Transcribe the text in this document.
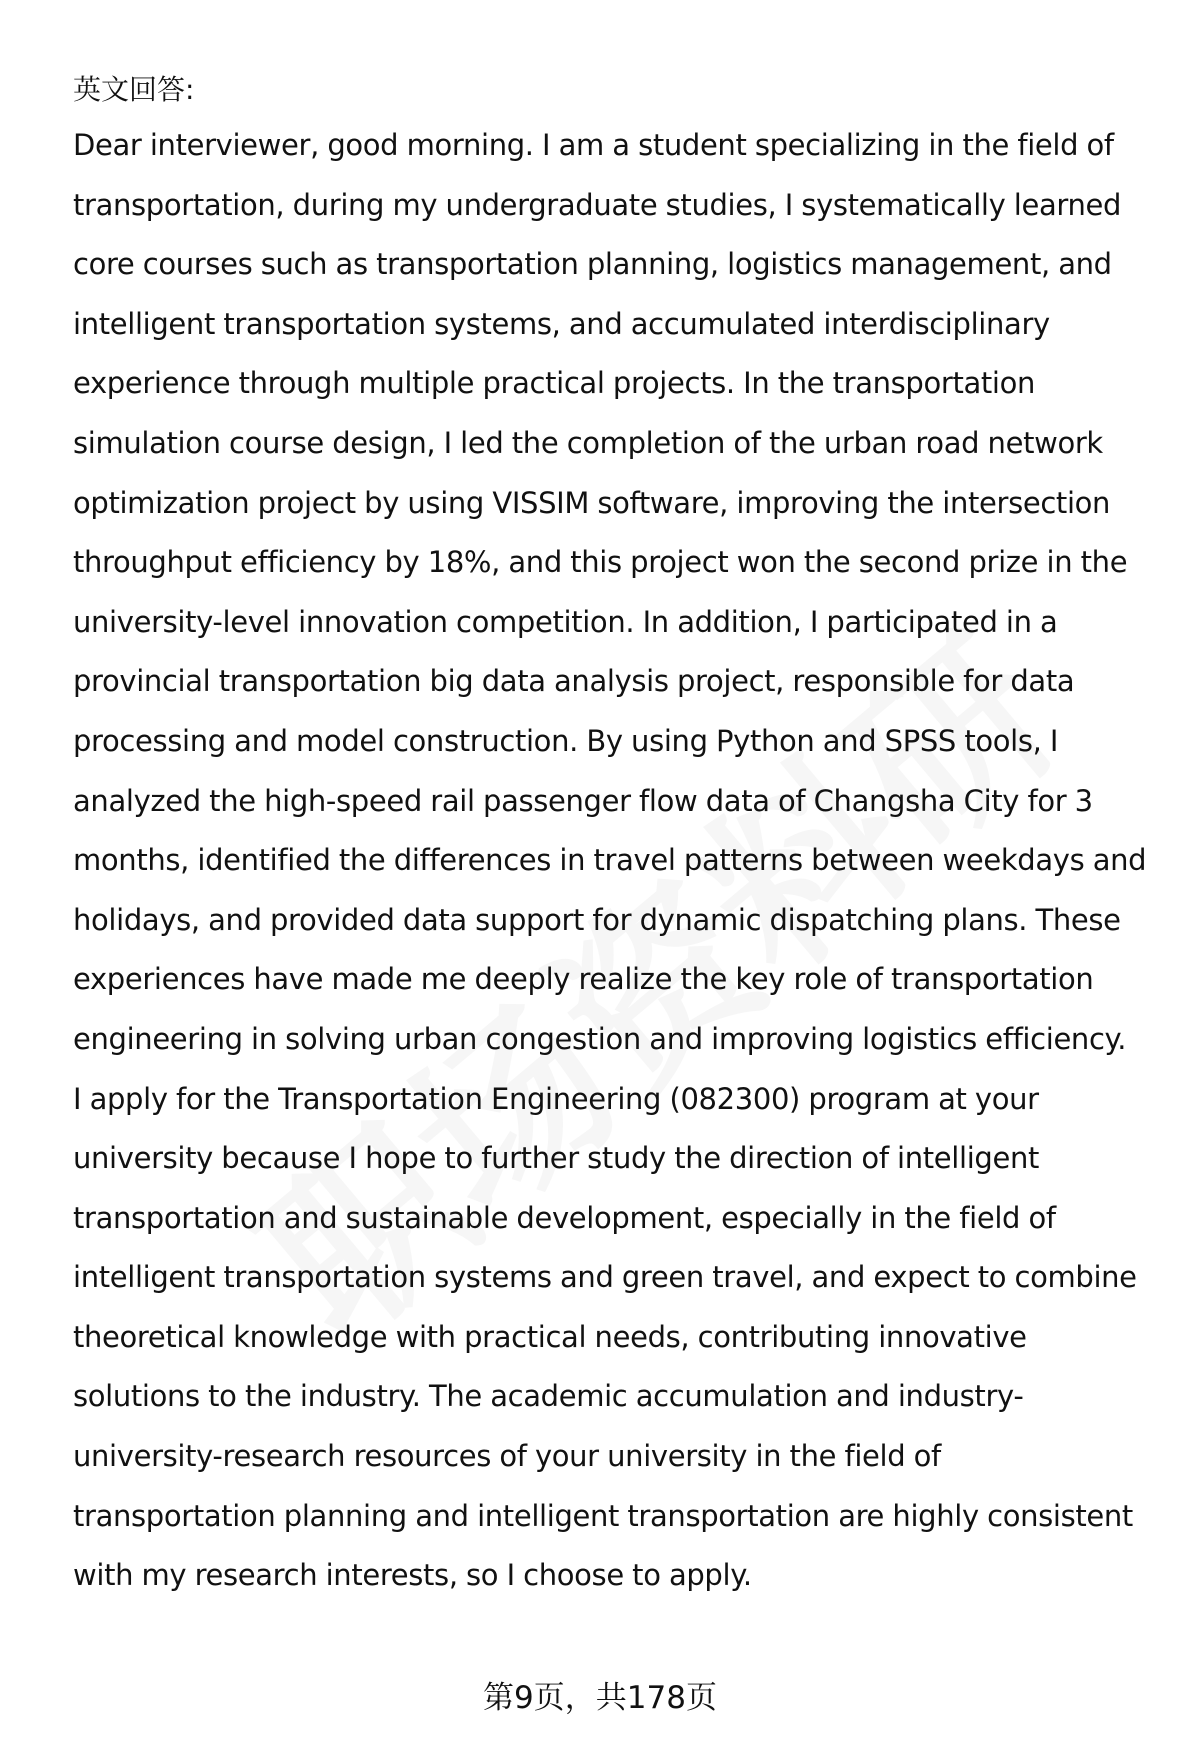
英文回答:
Dear interviewer, good morning. I am a student specializing in the field of
transportation, during my undergraduate studies, I systematically learned
core courses such as transportation planning, logistics management, and
intelligent transportation systems, and accumulated interdisciplinary
experience through multiple practical projects. In the transportation
simulation course design, I led the completion of the urban road network
optimization project by using VISSIM software, improving the intersection
throughput efficiency by 18%, and this project won the second prize in the
university-level innovation competition. In addition, I participated in a
provincial transportation big data analysis project, responsible for data
processing and model construction. By using Python and SPSS tools, I
analyzed the high-speed rail passenger flow data of Changsha City for 3
months, identified the differences in travel patterns between weekdays and
holidays, and provided data support for dynamic dispatching plans. These
experiences have made me deeply realize the key role of transportation
engineering in solving urban congestion and improving logistics efficiency.
I apply for the Transportation Engineering (082300) program at your
university because I hope to further study the direction of intelligent
transportation and sustainable development, especially in the field of
intelligent transportation systems and green travel, and expect to combine
theoretical knowledge with practical needs, contributing innovative
solutions to the industry. The academic accumulation and industry-
university-research resources of your university in the field of
transportation planning and intelligent transportation are highly consistent
with my research interests, so I choose to apply.
第9页，共178页
